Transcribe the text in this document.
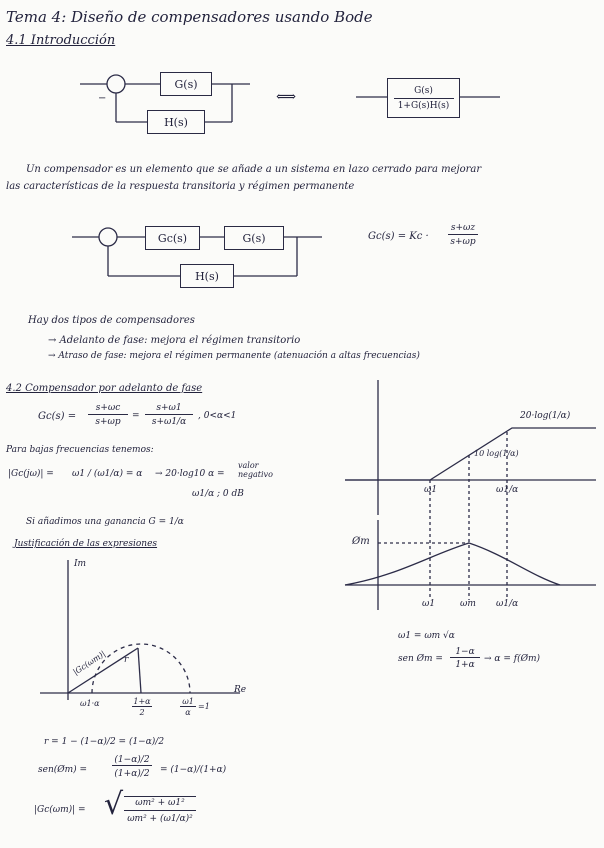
Tema 4: Diseño de compensadores usando Bode
4.1 Introducción
G(s)
H(s)
−	⟺	G(s)
1+G(s)H(s)
Un compensador es un elemento que se añade a un sistema en lazo cerrado para mejorar
las características de la respuesta transitoria y régimen permanente
Gc(s)	G(s)
H(s)
Gc(s) = Kc ·
s+ωz
s+ωp
Hay dos tipos de compensadores
→ Adelanto de fase: mejora el régimen transitorio
→ Atraso de fase: mejora el régimen permanente (atenuación a altas frecuencias)
4.2 Compensador por adelanto de fase
Gc(s) =
s+ωc
s+ωp
=
s+ω1
s+ω1/α
, 0<α<1
Para bajas frecuencias tenemos:
|Gc(jω)| = ω1 / (ω1/α) = α → 20·log10 α =
valor negativo
ω1/α ; 0 dB
Si añadimos una ganancia G = 1/α
Justificación de las expresiones
20·log(1/α)
10 log(1/α)
ω1	ω1/α
Øm
ω1	ωm ω1/α
ω1 = ωm √α
sen Øm =
1−α
1+α
→ α = f(Øm)
Im
Re
|Gc(ωm)| r
ω1·α	1+α
2
ω1
α
=1
r = 1 − (1−α)/2 = (1−α)/2
sen(Øm) =
(1−α)/2
(1+α)/2 = (1−α)/(1+α)
|Gc(ωm)| = √	ωm² + ω1²
ωm² + (ω1/α)²
